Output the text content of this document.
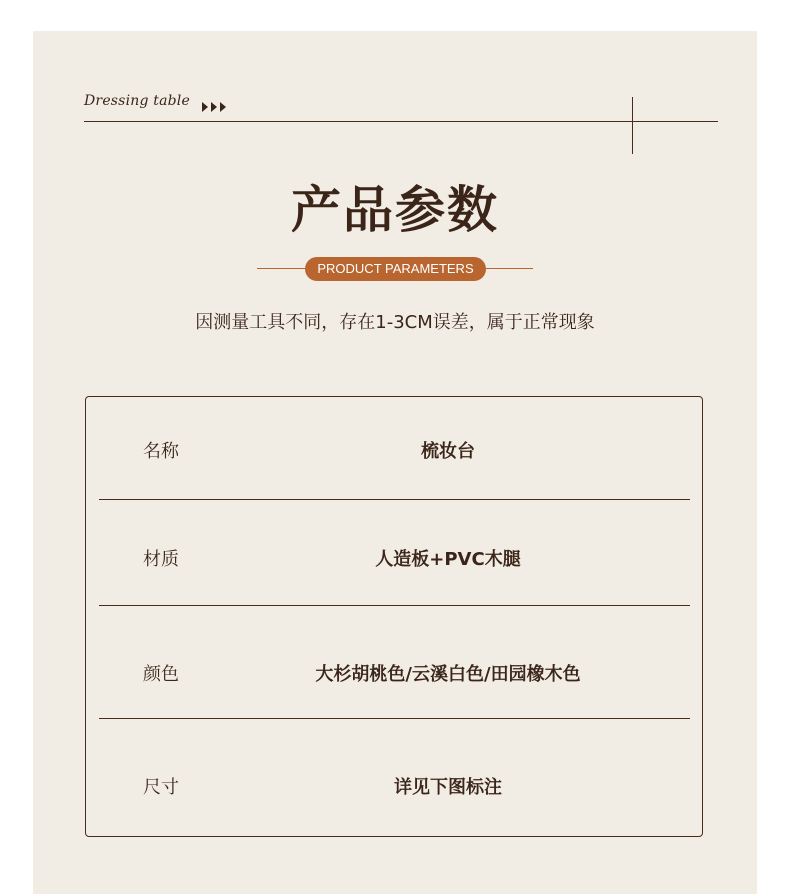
Dressing table
产品参数
PRODUCT PARAMETERS
因测量工具不同，存在1-3CM误差，属于正常现象
名称	梳妆台
材质	人造板+PVC木腿
颜色	大杉胡桃色/云溪白色/田园橡木色
尺寸	详见下图标注
